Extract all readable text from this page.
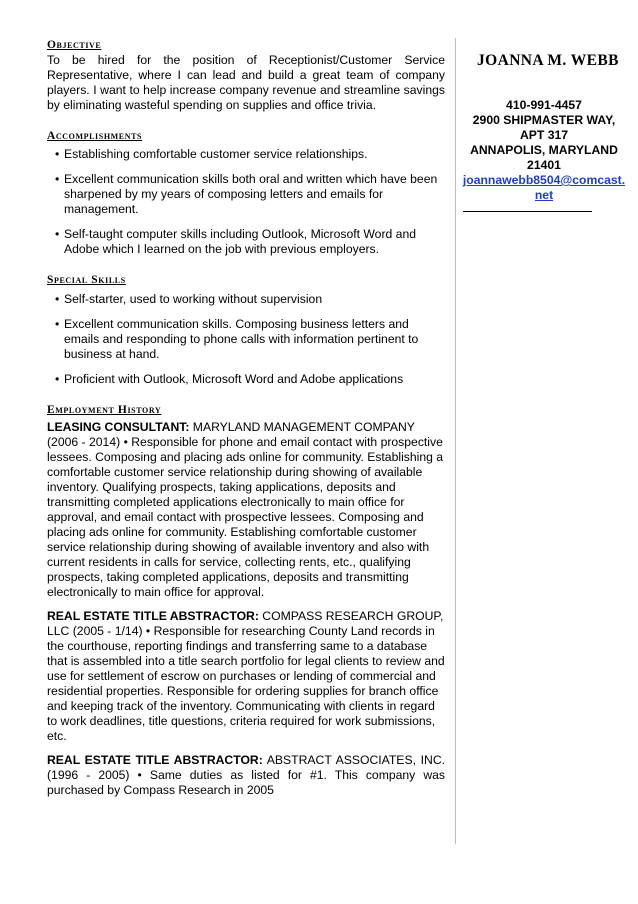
Objective
To be hired for the position of Receptionist/Customer Service Representative, where I can lead and build a great team of company players. I want to help increase company revenue and streamline savings by eliminating wasteful spending on supplies and office trivia.
Accomplishments
• Establishing comfortable customer service relationships.
• Excellent communication skills both oral and written which have been sharpened by my years of composing letters and emails for management.
• Self-taught computer skills including Outlook, Microsoft Word and Adobe which I learned on the job with previous employers.
Special Skills
• Self-starter, used to working without supervision
• Excellent communication skills. Composing business letters and emails and responding to phone calls with information pertinent to business at hand.
• Proficient with Outlook, Microsoft Word and Adobe applications
Employment History
LEASING CONSULTANT: MARYLAND MANAGEMENT COMPANY (2006 - 2014) • Responsible for phone and email contact with prospective lessees. Composing and placing ads online for community. Establishing a comfortable customer service relationship during showing of available inventory. Qualifying prospects, taking applications, deposits and transmitting completed applications electronically to main office for approval, and email contact with prospective lessees. Composing and placing ads online for community. Establishing comfortable customer service relationship during showing of available inventory and also with current residents in calls for service, collecting rents, etc., qualifying prospects, taking completed applications, deposits and transmitting electronically to main office for approval.
REAL ESTATE TITLE ABSTRACTOR: COMPASS RESEARCH GROUP, LLC (2005 - 1/14) • Responsible for researching County Land records in the courthouse, reporting findings and transferring same to a database that is assembled into a title search portfolio for legal clients to review and use for settlement of escrow on purchases or lending of commercial and residential properties. Responsible for ordering supplies for branch office and keeping track of the inventory. Communicating with clients in regard to work deadlines, title questions, criteria required for work submissions, etc.
REAL ESTATE TITLE ABSTRACTOR: ABSTRACT ASSOCIATES, INC. (1996 - 2005) • Same duties as listed for #1. This company was purchased by Compass Research in 2005
JOANNA M. WEBB
410-991-4457
2900 SHIPMASTER WAY, APT 317
ANNAPOLIS, MARYLAND 21401
joannawebb8504@comcast.net
